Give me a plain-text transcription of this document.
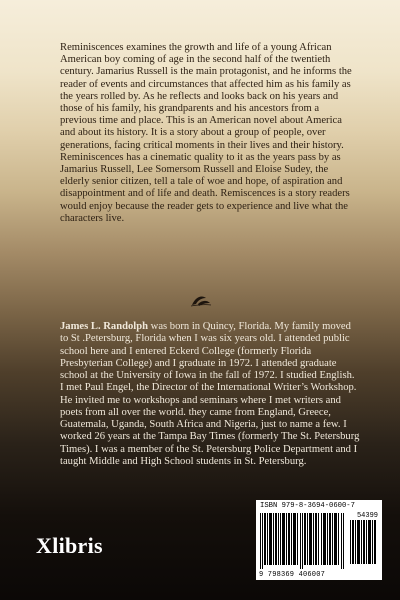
Reminiscences examines the growth and life of a young African American boy coming of age in the second half of the twentieth century. Jamarius Russell is the main protagonist, and he informs the reader of events and circumstances that affected him as his family as the years rolled by. As he reflects and looks back on his years and those of his family, his grandparents and his ancestors from a previous time and place. This is an American novel about America and about its history. It is a story about a group of people, over generations, facing critical moments in their lives and their history. Reminiscences has a cinematic quality to it as the years pass by as Jamarius Russell, Lee Somersom Russell and Eloise Sudey, the elderly senior citizen, tell a tale of woe and hope, of aspiration and disappointment and of life and death. Remiscences is a story readers would enjoy because the reader gets to experience and live what the characters live.

James L. Randolph was born in Quincy, Florida. My family moved to St .Petersburg, Florida when I was six years old. I attended public school here and I entered Eckerd College (formerly Florida Presbyterian College) and I graduate in 1972. I attended graduate school at the University of Iowa in the fall of 1972. I studied English. I met Paul Engel, the Director of the International Writer’s Workshop. He invited me to workshops and seminars where I met writers and poets from all over the world. they came from England, Greece, Guatemala, Uganda, South Africa and Nigeria, just to name a few. I worked 26 years at the Tampa Bay Times (formerly The St. Petersburg Times). I was a member of the St. Petersburg Police Department and I taught Middle and High School students in St. Petersburg.

Xlibris
ISBN 979-8-3694-0600-7
54399
9 798369 406007
